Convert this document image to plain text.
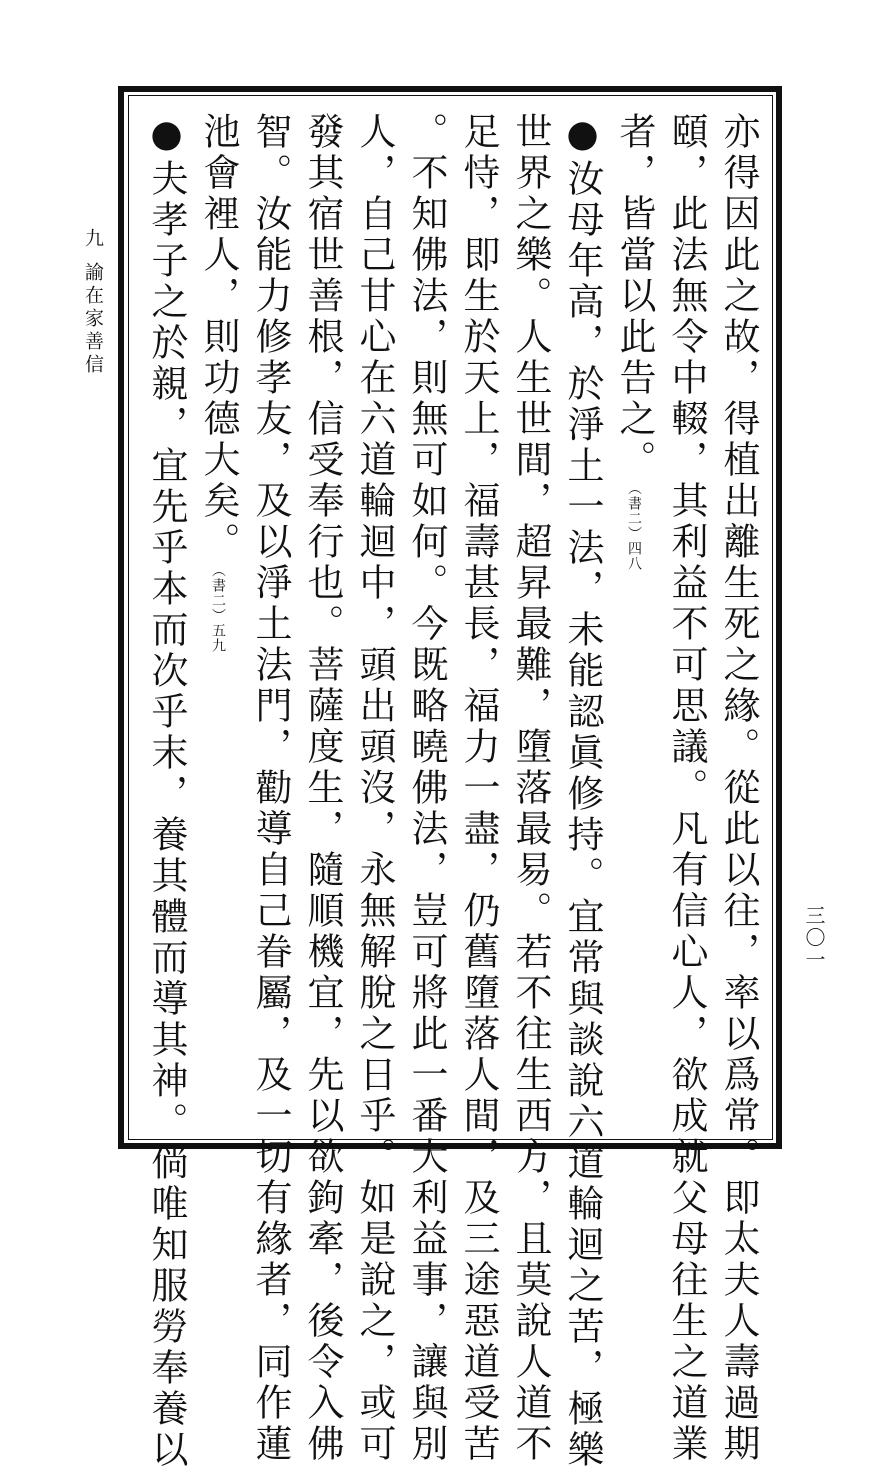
九
諭在家善信
三〇一
亦得因此之故，得植出離生死之緣。從此以往，率以爲常。即太夫人壽過期
頤，此法無令中輟，其利益不可思議。凡有信心人，欲成就父母往生之道業
者，皆當以此告之。（書二）四八
●汝母年高，於淨土一法，未能認眞修持。宜常與談說六道輪迴之苦，極樂
世界之樂。人生世間，超昇最難，墮落最易。若不往生西方，且莫說人道不
足恃，即生於天上，福壽甚長，福力一盡，仍舊墮落人間，及三途惡道受苦
。不知佛法，則無可如何。今既略曉佛法，豈可將此一番大利益事，讓與別
人，自己甘心在六道輪迴中，頭出頭沒，永無解脫之日乎。如是說之，或可
發其宿世善根，信受奉行也。菩薩度生，隨順機宜，先以欲鉤牽，後令入佛
智。汝能力修孝友，及以淨土法門，勸導自己眷屬，及一切有緣者，同作蓮
池會裡人，則功德大矣。（書二）五九
●夫孝子之於親，宜先乎本而次乎末，養其體而導其神。倘唯知服勞奉養以
